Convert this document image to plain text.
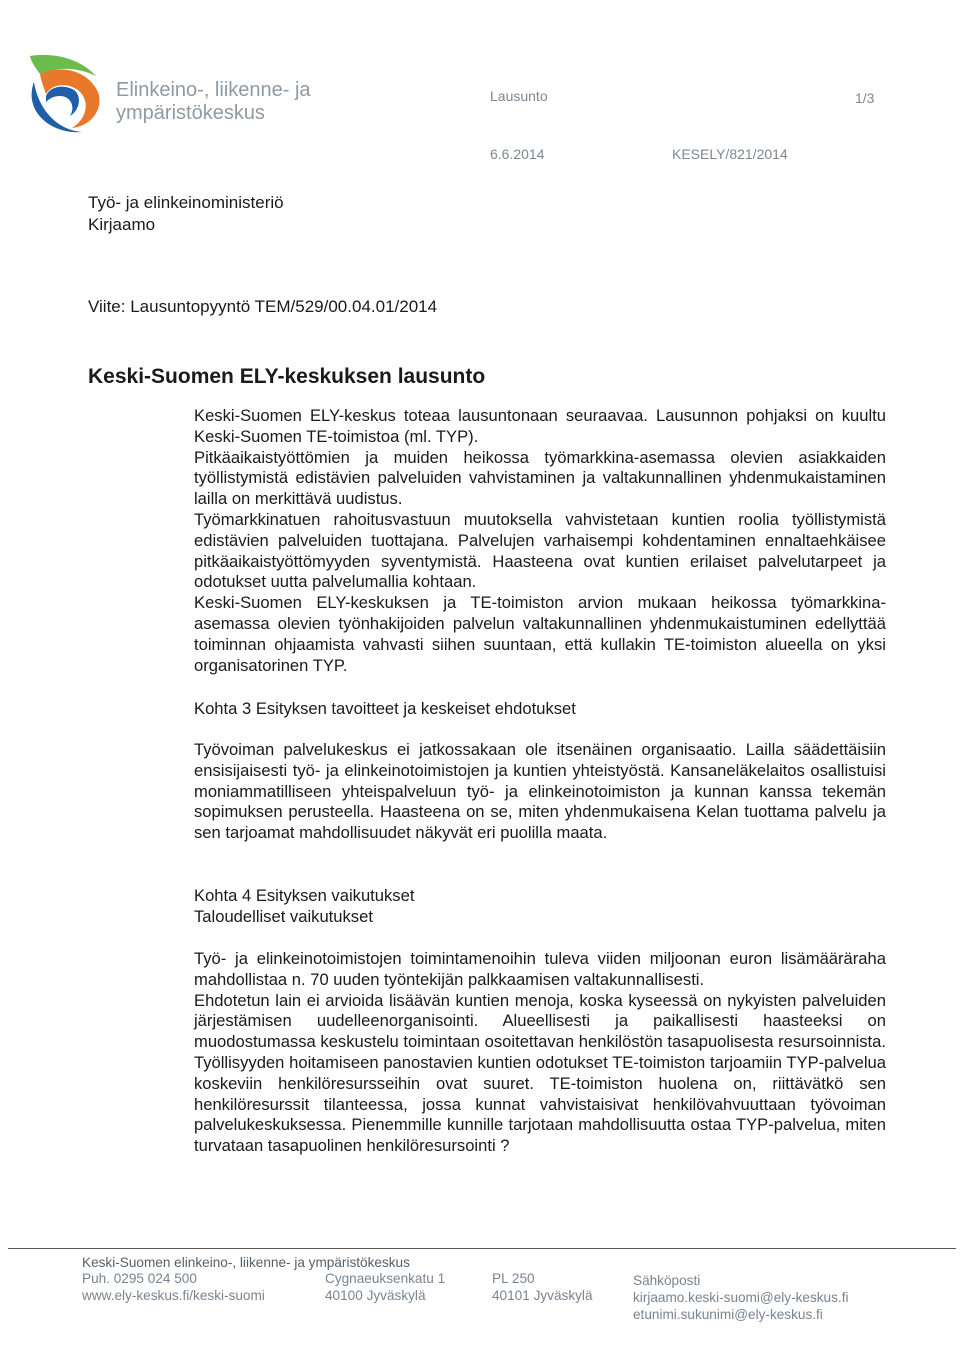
Elinkeino-, liikenne- ja
ympäristökeskus
Lausunto	1/3
6.6.2014	KESELY/821/2014
Työ- ja elinkeinoministeriö
Kirjaamo
Viite: Lausuntopyyntö TEM/529/00.04.01/2014
Keski-Suomen ELY-keskuksen lausunto

Keski-Suomen ELY-keskus toteaa lausuntonaan seuraavaa. Lausunnon pohjaksi on kuultu Keski-Suomen TE-toimistoa (ml. TYP).

Pitkäaikaistyöttömien ja muiden heikossa työmarkkina-asemassa olevien asiakkaiden työllistymistä edistävien palveluiden vahvistaminen ja valtakunnallinen yhdenmukaistaminen lailla on merkittävä uudistus.

Työmarkkinatuen rahoitusvastuun muutoksella vahvistetaan kuntien roolia työllistymistä edistävien palveluiden tuottajana. Palvelujen varhaisempi kohdentaminen ennaltaehkäisee pitkäaikaistyöttömyyden syventymistä. Haasteena ovat kuntien erilaiset palvelutarpeet ja odotukset uutta palvelumallia kohtaan.

Keski-Suomen ELY-keskuksen ja TE-toimiston arvion mukaan heikossa työmarkkina-asemassa olevien työnhakijoiden palvelun valtakunnallinen yhdenmukaistuminen edellyttää toiminnan ohjaamista vahvasti siihen suuntaan, että kullakin TE-toimiston alueella on yksi organisatorinen TYP.

Kohta 3 Esityksen tavoitteet ja keskeiset ehdotukset

Työvoiman palvelukeskus ei jatkossakaan ole itsenäinen organisaatio. Lailla säädettäisiin ensisijaisesti työ- ja elinkeinotoimistojen ja kuntien yhteistyöstä. Kansaneläkelaitos osallistuisi moniammatilliseen yhteispalveluun työ- ja elinkeinotoimiston ja kunnan kanssa tekemän sopimuksen perusteella. Haasteena on se, miten yhdenmukaisena Kelan tuottama palvelu ja sen tarjoamat mahdollisuudet näkyvät eri puolilla maata.

Kohta 4 Esityksen vaikutukset

Taloudelliset vaikutukset

Työ- ja elinkeinotoimistojen toimintamenoihin tuleva viiden miljoonan euron lisämääräraha mahdollistaa n. 70 uuden työntekijän palkkaamisen valtakunnallisesti.

Ehdotetun lain ei arvioida lisäävän kuntien menoja, koska kyseessä on nykyisten palveluiden järjestämisen uudelleenorganisointi. Alueellisesti ja paikallisesti haasteeksi on muodostumassa keskustelu toimintaan osoitettavan henkilöstön tasapuolisesta resursoinnista. Työllisyyden hoitamiseen panostavien kuntien odotukset TE-toimiston tarjoamiin TYP-palvelua koskeviin henkilöresursseihin ovat suuret. TE-toimiston huolena on, riittävätkö sen henkilöresurssit tilanteessa, jossa kunnat vahvistaisivat henkilövahvuuttaan työvoiman palvelukeskuksessa. Pienemmille kunnille tarjotaan mahdollisuutta ostaa TYP-palvelua, miten turvataan tasapuolinen henkilöresursointi ?

Keski-Suomen elinkeino-, liikenne- ja ympäristökeskus
Puh. 0295 024 500
www.ely-keskus.fi/keski-suomi
Cygnaeuksenkatu 1
40100 Jyväskylä
PL 250
40101 Jyväskylä
Sähköposti
kirjaamo.keski-suomi@ely-keskus.fi
etunimi.sukunimi@ely-keskus.fi
